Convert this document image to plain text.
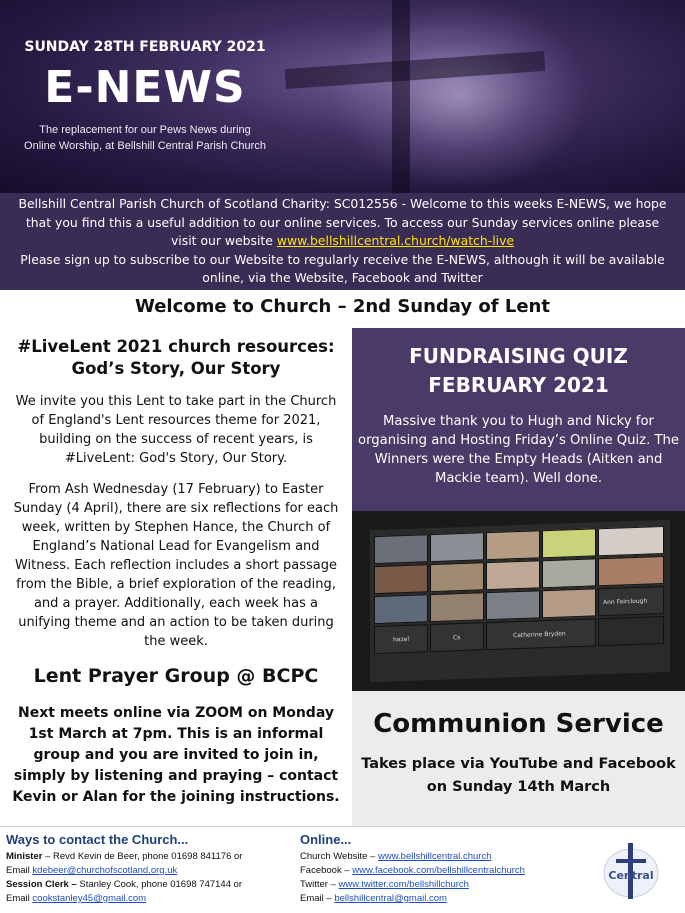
SUNDAY 28TH FEBRUARY 2021
E-NEWS
The replacement for our Pews News during
Online Worship, at Bellshill Central Parish Church
Bellshill Central Parish Church of Scotland Charity: SC012556 - Welcome to this weeks E-NEWS, we hope that you find this a useful addition to our online services. To access our Sunday services online please visit our website www.bellshillcentral.church/watch-live
Please sign up to subscribe to our Website to regularly receive the E-NEWS, although it will be available online, via the Website, Facebook and Twitter
Welcome to Church – 2nd Sunday of Lent
#LiveLent 2021 church resources:
God’s Story, Our Story

We invite you this Lent to take part in the Church of England's Lent resources theme for 2021, building on the success of recent years, is #LiveLent: God's Story, Our Story.

From Ash Wednesday (17 February) to Easter Sunday (4 April), there are six reflections for each week, written by Stephen Hance, the Church of England’s National Lead for Evangelism and Witness. Each reflection includes a short passage from the Bible, a brief exploration of the reading, and a prayer. Additionally, each week has a unifying theme and an action to be taken during the week.

Lent Prayer Group @ BCPC
Next meets online via ZOOM on Monday 1st March at 7pm. This is an informal group and you are invited to join in, simply by listening and praying – contact Kevin or Alan for the joining instructions.
FUNDRAISING QUIZ
FEBRUARY 2021

Massive thank you to Hugh and Nicky for organising and Hosting Friday’s Online Quiz. The Winners were the Empty Heads (Aitken and Mackie team). Well done.

Ann Fairclough
hazel	Cs	Catherine Bryden
Communion Service

Takes place via YouTube and Facebook on Sunday 14th March

Ways to contact the Church...
Minister – Revd Kevin de Beer, phone 01698 841176 or
Email kdebeer@churchofscotland.org.uk
Session Clerk – Stanley Cook, phone 01698 747144 or
Email cookstanley45@gmail.com
Online...
Church Website – www.bellshillcentral.church
Facebook – www.facebook.com/bellshillcentralchurch
Twitter – www.twitter.com/bellshillchurch
Email – bellshillcentral@gmail.com
Central
